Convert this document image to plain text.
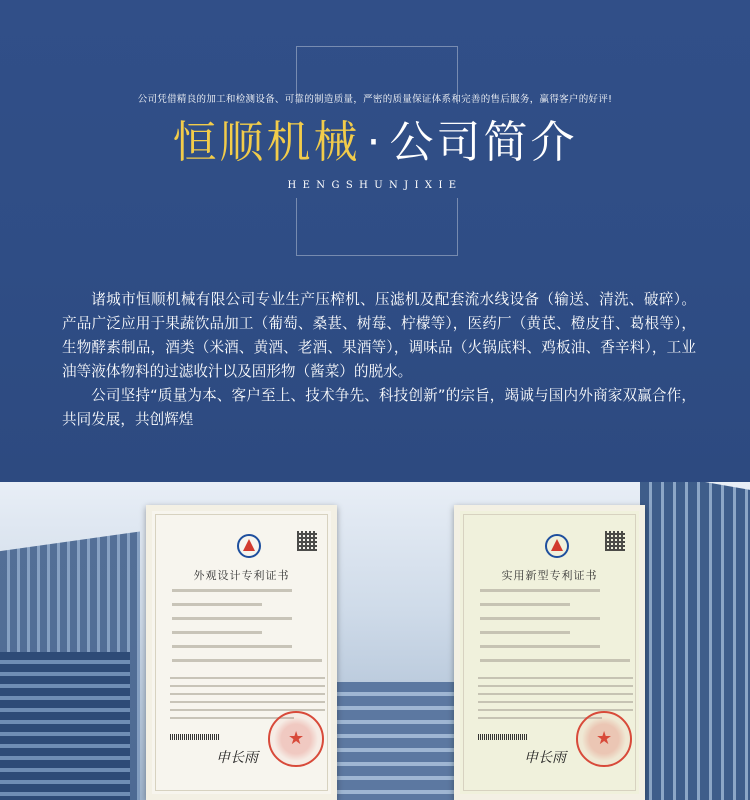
公司凭借精良的加工和检测设备、可靠的制造质量，严密的质量保证体系和完善的售后服务，赢得客户的好评!
恒顺机械 · 公司简介
HENGSHUNJIXIE

诸城市恒顺机械有限公司专业生产压榨机、压滤机及配套流水线设备（输送、清洗、破碎）。产品广泛应用于果蔬饮品加工（葡萄、桑葚、树莓、柠檬等），医药厂（黄芪、橙皮苷、葛根等），生物酵素制品，酒类（米酒、黄酒、老酒、果酒等），调味品（火锅底料、鸡板油、香辛料），工业油等液体物料的过滤收汁以及固形物（酱菜）的脱水。

公司坚持“质量为本、客户至上、技术争先、科技创新”的宗旨，竭诚与国内外商家双赢合作，共同发展，共创辉煌

外观设计专利证书
申长雨
★
实用新型专利证书
申长雨
★
